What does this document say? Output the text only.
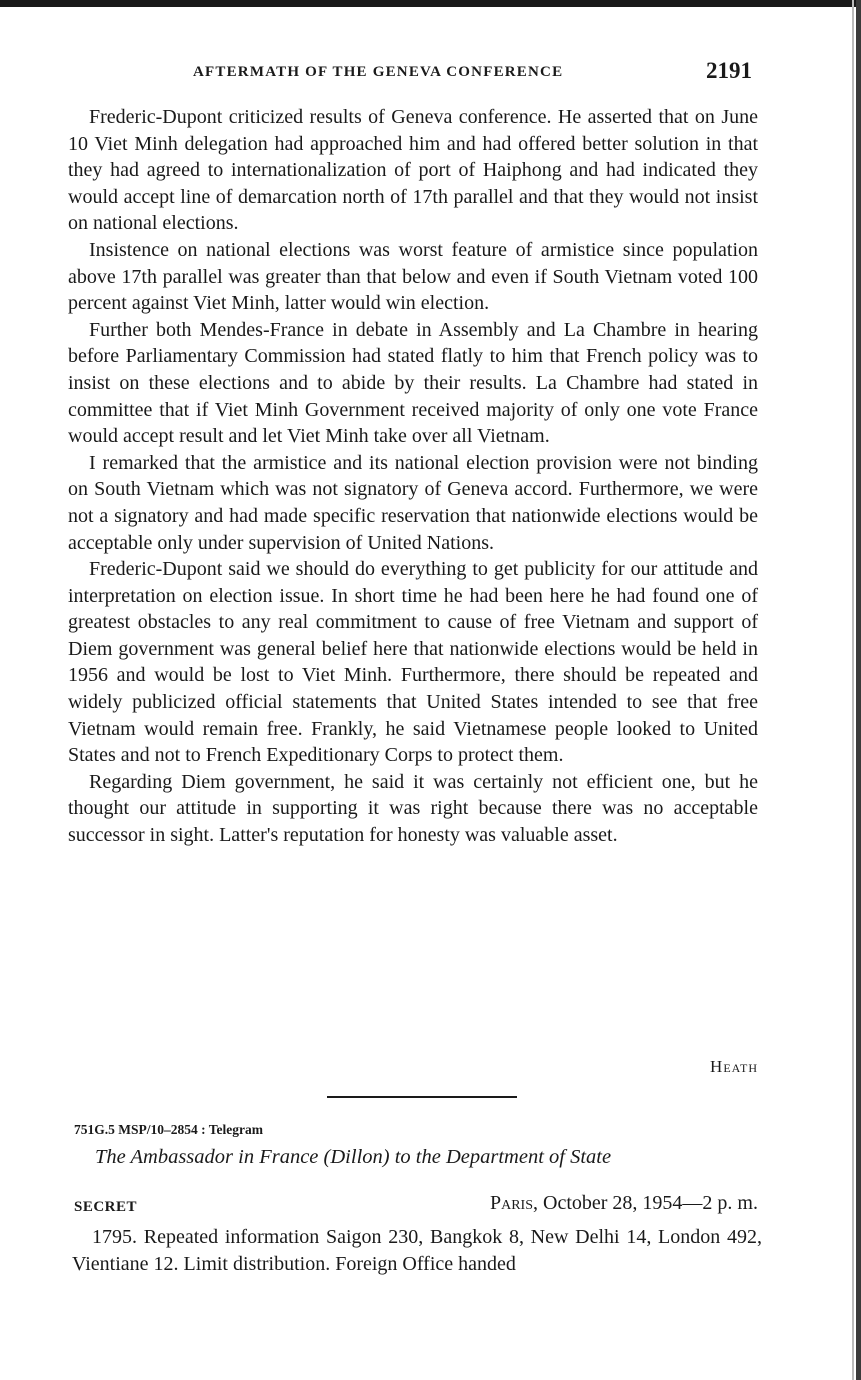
AFTERMATH OF THE GENEVA CONFERENCE	2191

Frederic-Dupont criticized results of Geneva conference. He asserted that on June 10 Viet Minh delegation had approached him and had offered better solution in that they had agreed to internationalization of port of Haiphong and had indicated they would accept line of demarcation north of 17th parallel and that they would not insist on national elections.

Insistence on national elections was worst feature of armistice since population above 17th parallel was greater than that below and even if South Vietnam voted 100 percent against Viet Minh, latter would win election.

Further both Mendes-France in debate in Assembly and La Chambre in hearing before Parliamentary Commission had stated flatly to him that French policy was to insist on these elections and to abide by their results. La Chambre had stated in committee that if Viet Minh Government received majority of only one vote France would accept result and let Viet Minh take over all Vietnam.

I remarked that the armistice and its national election provision were not binding on South Vietnam which was not signatory of Geneva accord. Furthermore, we were not a signatory and had made specific reservation that nationwide elections would be acceptable only under supervision of United Nations.

Frederic-Dupont said we should do everything to get publicity for our attitude and interpretation on election issue. In short time he had been here he had found one of greatest obstacles to any real commitment to cause of free Vietnam and support of Diem government was general belief here that nationwide elections would be held in 1956 and would be lost to Viet Minh. Furthermore, there should be repeated and widely publicized official statements that United States intended to see that free Vietnam would remain free. Frankly, he said Vietnamese people looked to United States and not to French Expeditionary Corps to protect them.

Regarding Diem government, he said it was certainly not efficient one, but he thought our attitude in supporting it was right because there was no acceptable successor in sight. Latter's reputation for honesty was valuable asset.

Heath
751G.5 MSP/10–2854 : Telegram
The Ambassador in France (Dillon) to the Department of State
SECRET	Paris, October 28, 1954—2 p. m.

1795. Repeated information Saigon 230, Bangkok 8, New Delhi 14, London 492, Vientiane 12. Limit distribution. Foreign Office handed
